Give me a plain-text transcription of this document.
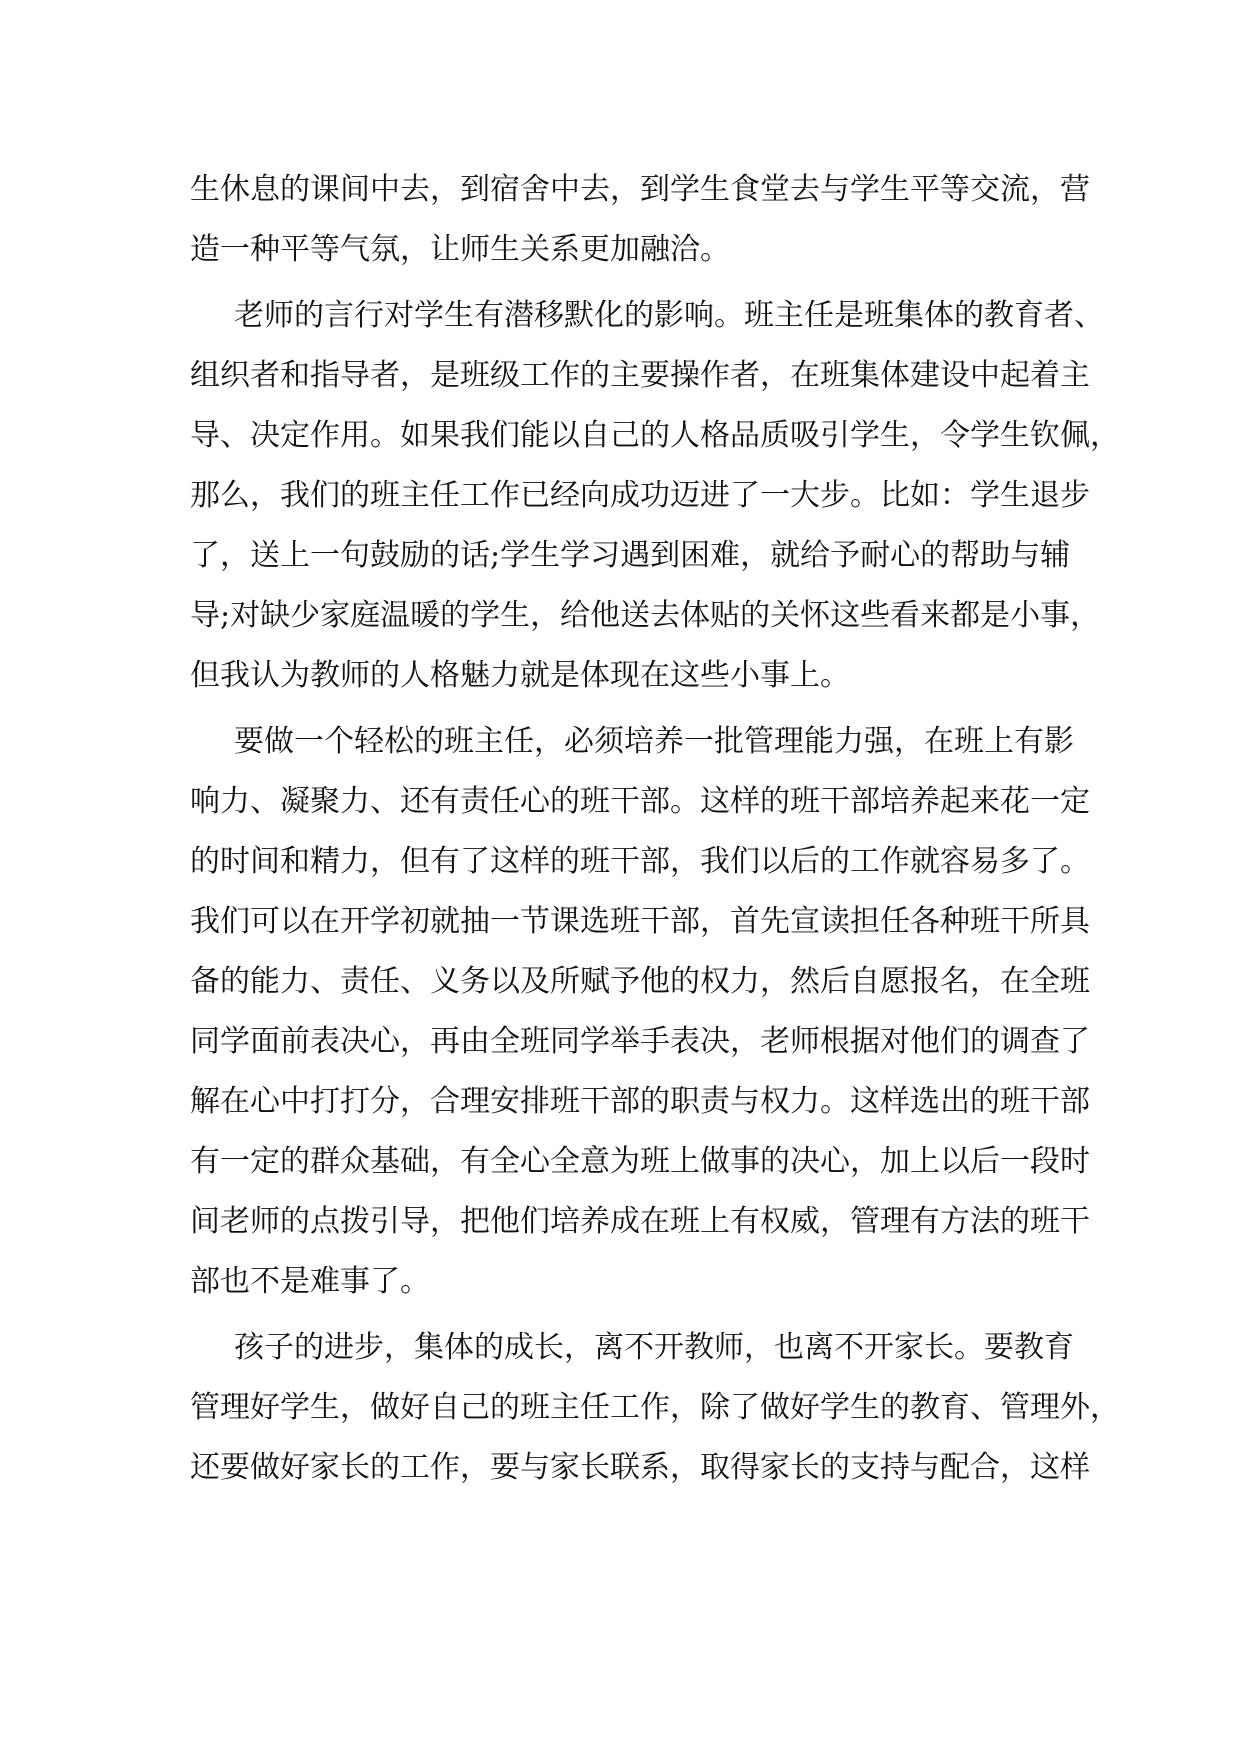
生休息的课间中去，到宿舍中去，到学生食堂去与学生平等交流，营
造一种平等气氛，让师生关系更加融洽。
老师的言行对学生有潜移默化的影响。班主任是班集体的教育者、
组织者和指导者，是班级工作的主要操作者，在班集体建设中起着主
导、决定作用。如果我们能以自己的人格品质吸引学生，令学生钦佩，
那么，我们的班主任工作已经向成功迈进了一大步。比如：学生退步
了，送上一句鼓励的话;学生学习遇到困难，就给予耐心的帮助与辅
导;对缺少家庭温暖的学生，给他送去体贴的关怀这些看来都是小事，
但我认为教师的人格魅力就是体现在这些小事上。
要做一个轻松的班主任，必须培养一批管理能力强，在班上有影
响力、凝聚力、还有责任心的班干部。这样的班干部培养起来花一定
的时间和精力，但有了这样的班干部，我们以后的工作就容易多了。
我们可以在开学初就抽一节课选班干部，首先宣读担任各种班干所具
备的能力、责任、义务以及所赋予他的权力，然后自愿报名，在全班
同学面前表决心，再由全班同学举手表决，老师根据对他们的调查了
解在心中打打分，合理安排班干部的职责与权力。这样选出的班干部
有一定的群众基础，有全心全意为班上做事的决心，加上以后一段时
间老师的点拨引导，把他们培养成在班上有权威，管理有方法的班干
部也不是难事了。
孩子的进步，集体的成长，离不开教师，也离不开家长。要教育
管理好学生，做好自己的班主任工作，除了做好学生的教育、管理外，
还要做好家长的工作，要与家长联系，取得家长的支持与配合，这样
